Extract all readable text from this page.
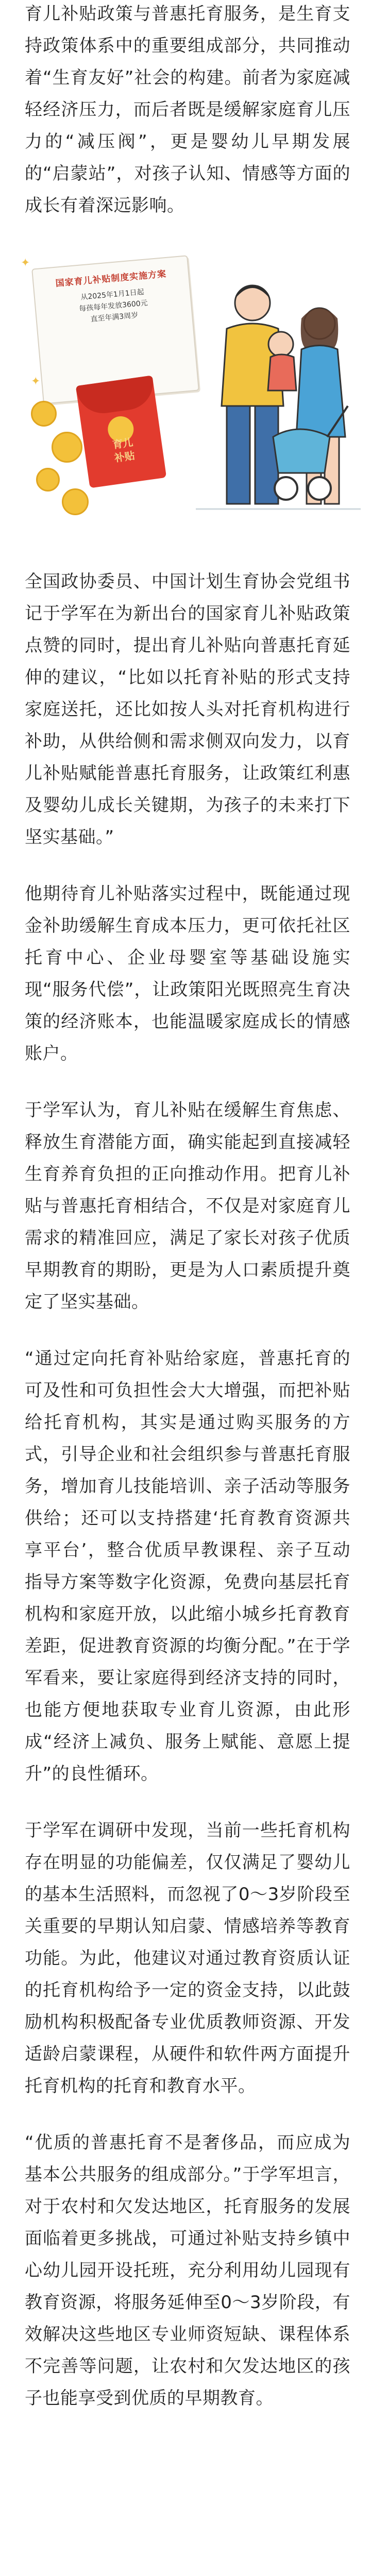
育儿补贴政策与普惠托育服务，是生育支持政策体系中的重要组成部分，共同推动着“生育友好”社会的构建。前者为家庭减轻经济压力，而后者既是缓解家庭育儿压力的“减压阀”，更是婴幼儿早期发展的“启蒙站”，对孩子认知、情感等方面的成长有着深远影响。

✦
✦
国家育儿补贴制度实施方案
从2025年1月1日起
每孩每年发放3600元
直至年满3周岁
育儿
补贴

全国政协委员、中国计划生育协会党组书记于学军在为新出台的国家育儿补贴政策点赞的同时，提出育儿补贴向普惠托育延伸的建议，“比如以托育补贴的形式支持家庭送托，还比如按人头对托育机构进行补助，从供给侧和需求侧双向发力，以育儿补贴赋能普惠托育服务，让政策红利惠及婴幼儿成长关键期，为孩子的未来打下坚实基础。”

他期待育儿补贴落实过程中，既能通过现金补助缓解生育成本压力，更可依托社区托育中心、企业母婴室等基础设施实现“服务代偿”，让政策阳光既照亮生育决策的经济账本，也能温暖家庭成长的情感账户。

于学军认为，育儿补贴在缓解生育焦虑、释放生育潜能方面，确实能起到直接减轻生育养育负担的正向推动作用。把育儿补贴与普惠托育相结合，不仅是对家庭育儿需求的精准回应，满足了家长对孩子优质早期教育的期盼，更是为人口素质提升奠定了坚实基础。

“通过定向托育补贴给家庭，普惠托育的可及性和可负担性会大大增强，而把补贴给托育机构，其实是通过购买服务的方式，引导企业和社会组织参与普惠托育服务，增加育儿技能培训、亲子活动等服务供给；还可以支持搭建‘托育教育资源共享平台’，整合优质早教课程、亲子互动指导方案等数字化资源，免费向基层托育机构和家庭开放，以此缩小城乡托育教育差距，促进教育资源的均衡分配。”在于学军看来，要让家庭得到经济支持的同时，也能方便地获取专业育儿资源，由此形成“经济上减负、服务上赋能、意愿上提升”的良性循环。

于学军在调研中发现，当前一些托育机构存在明显的功能偏差，仅仅满足了婴幼儿的基本生活照料，而忽视了0～3岁阶段至关重要的早期认知启蒙、情感培养等教育功能。为此，他建议对通过教育资质认证的托育机构给予一定的资金支持，以此鼓励机构积极配备专业优质教师资源、开发适龄启蒙课程，从硬件和软件两方面提升托育机构的托育和教育水平。

“优质的普惠托育不是奢侈品，而应成为基本公共服务的组成部分。”于学军坦言，对于农村和欠发达地区，托育服务的发展面临着更多挑战，可通过补贴支持乡镇中心幼儿园开设托班，充分利用幼儿园现有教育资源，将服务延伸至0～3岁阶段，有效解决这些地区专业师资短缺、课程体系不完善等问题，让农村和欠发达地区的孩子也能享受到优质的早期教育。
